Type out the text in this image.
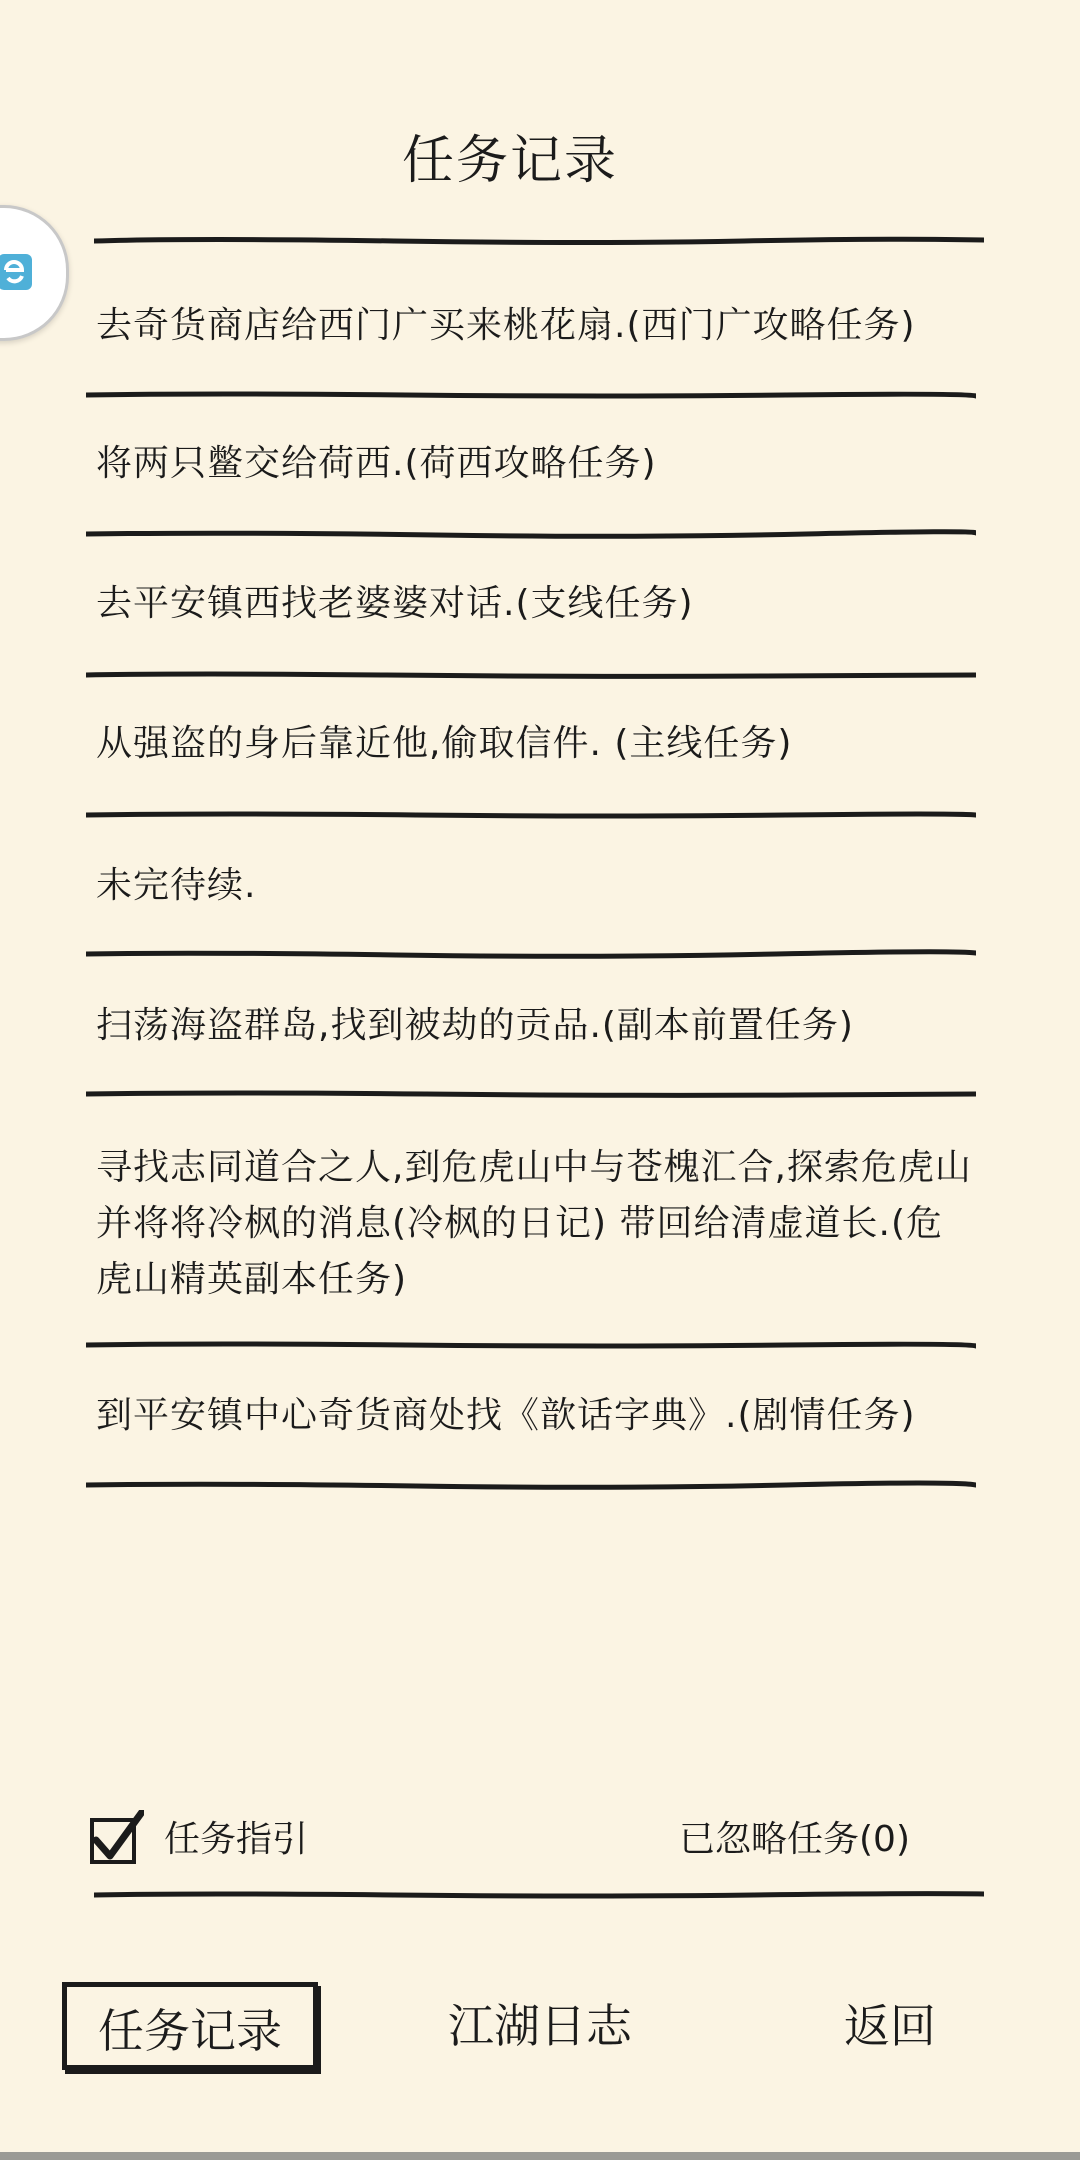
任务记录
去奇货商店给西门广买来桃花扇.(西门广攻略任务)
将两只鳖交给荷西.(荷西攻略任务)
去平安镇西找老婆婆对话.(支线任务)
从强盗的身后靠近他,偷取信件. (主线任务)
未完待续.
扫荡海盗群岛,找到被劫的贡品.(副本前置任务)
寻找志同道合之人,到危虎山中与苍槐汇合,探索危虎山并将将冷枫的消息(冷枫的日记) 带回给清虚道长.(危虎山精英副本任务)
到平安镇中心奇货商处找《歆话字典》.(剧情任务)
任务指引	已忽略任务(0)
任务记录	江湖日志	返回
